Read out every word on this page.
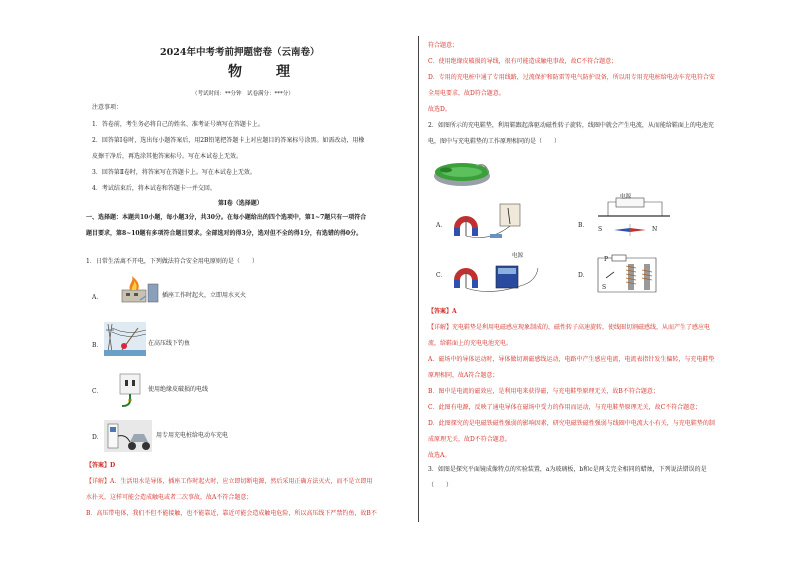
2024年中考考前押题密卷（云南卷）
物　理
（考试时间：**分钟　试卷满分：***分）
注意事项：
1．答卷前，考生务必将自己的姓名、准考证号填写在答题卡上。
2．回答第Ⅰ卷时，选出每小题答案后，用2B铅笔把答题卡上对应题目的答案标号涂黑。如需改动，用橡
皮擦干净后，再选涂其他答案标号。写在本试卷上无效。
3．回答第Ⅱ卷时，将答案写在答题卡上。写在本试卷上无效。
4．考试结束后，将本试卷和答题卡一并交回。
第Ⅰ卷（选择题）
一、选择题：本题共10小题，每小题3分，共30分。在每小题给出的四个选项中，第1~7题只有一项符合
题目要求，第8~10题有多项符合题目要求。全部选对的得3分，选对但不全的得1分，有选错的得0分。
1．日常生活离不开电，下列做法符合安全用电原则的是（　　）
A．	插座工作时起火，立即用水灭火
B．	在高压线下钓鱼
C．	使用绝缘皮破损的电线
D．	用专用充电桩给电动车充电
【答案】D
【详解】A．生活用水是导体，插座工作时起火时，应立即切断电源，然后采用正确方法灭火，而不是立即用
水扑灭，这样可能会造成触电或者二次事故，故A不符合题意；
B．高压带电体，我们不但不能接触，也不能靠近，靠近可能会造成触电危险，所以高压线下严禁钓鱼，故B不
符合题意；
C．使用绝缘皮破损的导线，很有可能造成触电事故，故C不符合题意；
D．专用的充电桩中通了专用线路，过流保护和防雷等电气防护设备，所以用专用充电桩给电动车充电符合安
全用电要求，故D符合题意。
故选D。
2．如图所示的充电鞋垫，利用鞋跟起落驱动磁性转子旋转，线圈中就会产生电流，从而能给鞋面上的电池充
电，图中与充电鞋垫的工作原理相同的是（　　）
A．	B．
电源
S	N
C．
电源
D．
P
S
【答案】A
【详解】充电鞋垫是利用电磁感应现象制成的，磁性转子高速旋转，使线圈切割磁感线，从而产生了感应电
流，给鞋面上的充电电池充电。
A．磁场中的导体运动时，导体做切割磁感线运动，电路中产生感应电流，电流表指针发生偏转，与充电鞋垫
原理相同，故A符合题意；
B．图中是电流的磁效应，是利用电来获得磁，与充电鞋垫原理无关，故B不符合题意；
C．此图有电源，反映了通电导体在磁场中受力的作用而运动，与充电鞋垫原理无关，故C不符合题意；
D．此图探究的是电磁铁磁性强弱的影响因素，研究电磁铁磁性强弱与线圈中电流大小有关，与充电鞋垫的制
成原理无关，故D不符合题意。
故选A。
3．如图是探究平面镜成像特点的实验装置，a为玻璃板，b和c是两支完全相同的蜡烛，下列说法错误的是
（　　）
